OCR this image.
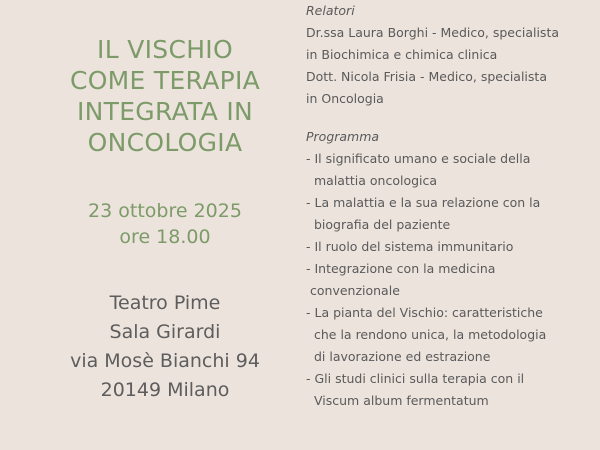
IL VISCHIO
COME TERAPIA
INTEGRATA IN
ONCOLOGIA
23 ottobre 2025
ore 18.00
Teatro Pime
Sala Girardi
via Mosè Bianchi 94
20149 Milano
Relatori
Dr.ssa Laura Borghi - Medico, specialista
in Biochimica e chimica clinica
Dott. Nicola Frisia - Medico, specialista
in Oncologia
Programma
- Il significato umano e sociale della
malattia oncologica
- La malattia e la sua relazione con la
biografia del paziente
- Il ruolo del sistema immunitario
- Integrazione con la medicina
convenzionale
- La pianta del Vischio: caratteristiche
che la rendono unica, la metodologia
di lavorazione ed estrazione
- Gli studi clinici sulla terapia con il
Viscum album fermentatum
